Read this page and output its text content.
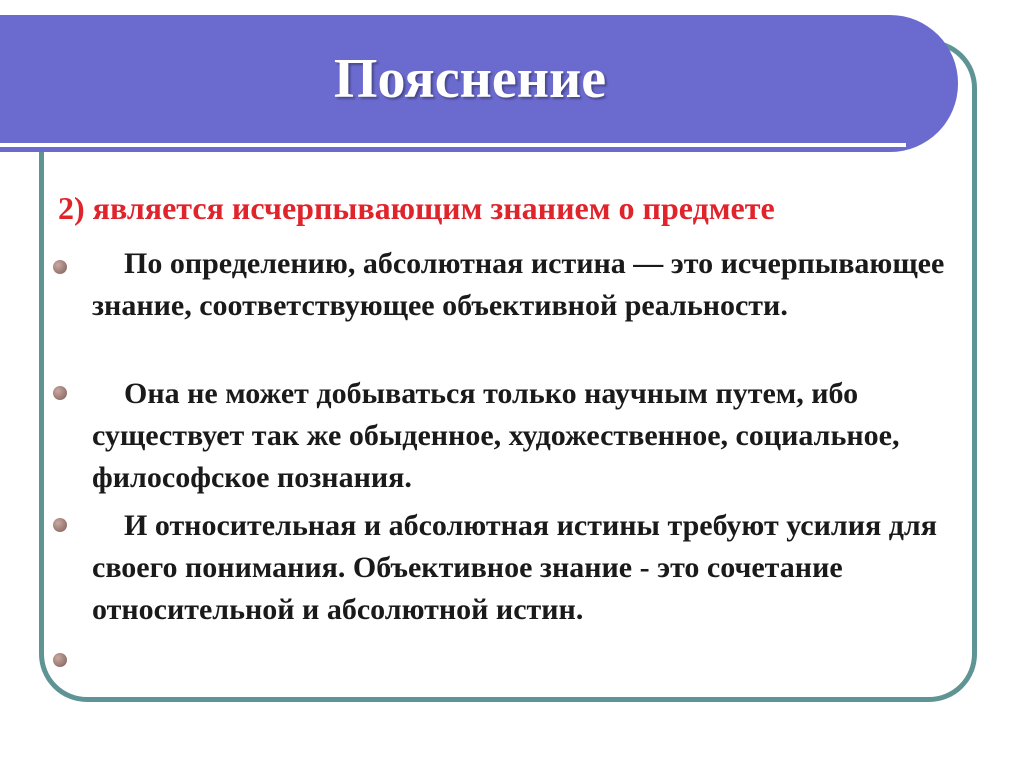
Пояснение
2) является исчерпывающим знанием о предмете
По определению, абсолютная истина — это исчерпывающее знание, соответствующее объективной реальности.
Она не может добываться только научным путем, ибо существует так же обыденное, художественное, социальное, философское познания.
И относительная и абсолютная истины требуют усилия для своего понимания. Объективное знание - это сочетание относительной и абсолютной истин.
